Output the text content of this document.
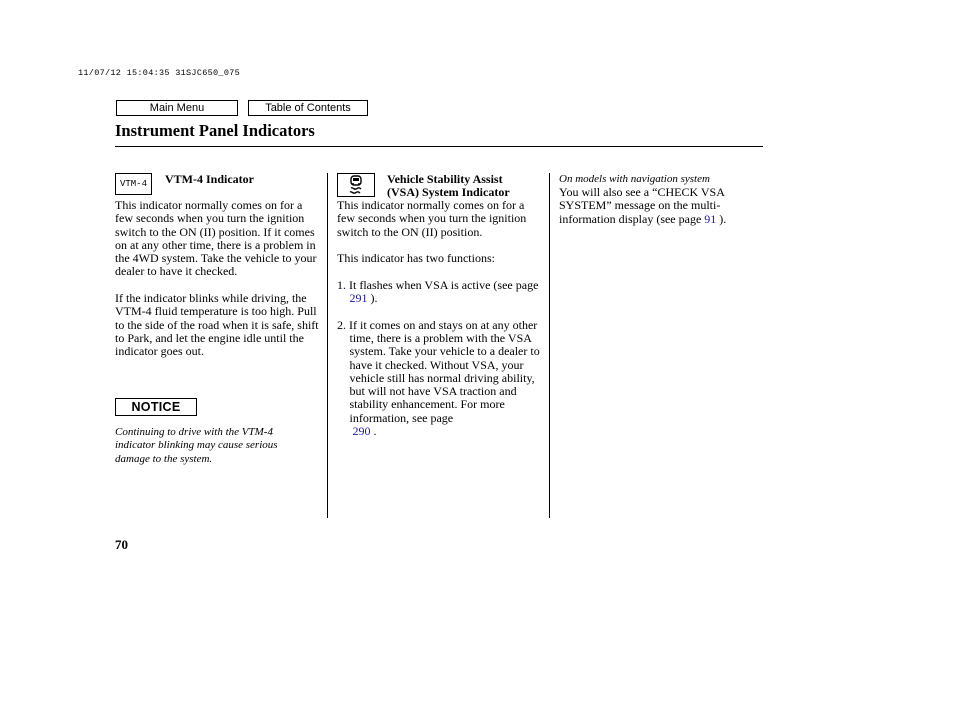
11/07/12 15:04:35 31SJC650_075
Main Menu	Table of Contents
Instrument Panel Indicators
VTM-4	VTM-4 Indicator

This indicator normally comes on for a few seconds when you turn the ignition switch to the ON (II) position. If it comes on at any other time, there is a problem in the 4WD system. Take the vehicle to your dealer to have it checked.

If the indicator blinks while driving, the VTM-4 fluid temperature is too high. Pull to the side of the road when it is safe, shift to Park, and let the engine idle until the indicator goes out.

NOTICE
Continuing to drive with the VTM-4 indicator blinking may cause serious damage to the system.
Vehicle Stability Assist
(VSA) System Indicator

This indicator normally comes on for a few seconds when you turn the ignition switch to the ON (II) position.

This indicator has two functions:

1. It flashes when VSA is active (see page 291 ).

2. If it comes on and stays on at any other time, there is a problem with the VSA system. Take your vehicle to a dealer to have it checked. Without VSA, your vehicle still has normal driving ability, but will not have VSA traction and stability enhancement. For more information, see page
290 .

On models with navigation system
You will also see a “CHECK VSA SYSTEM” message on the multi-information display (see page 91 ).
70
